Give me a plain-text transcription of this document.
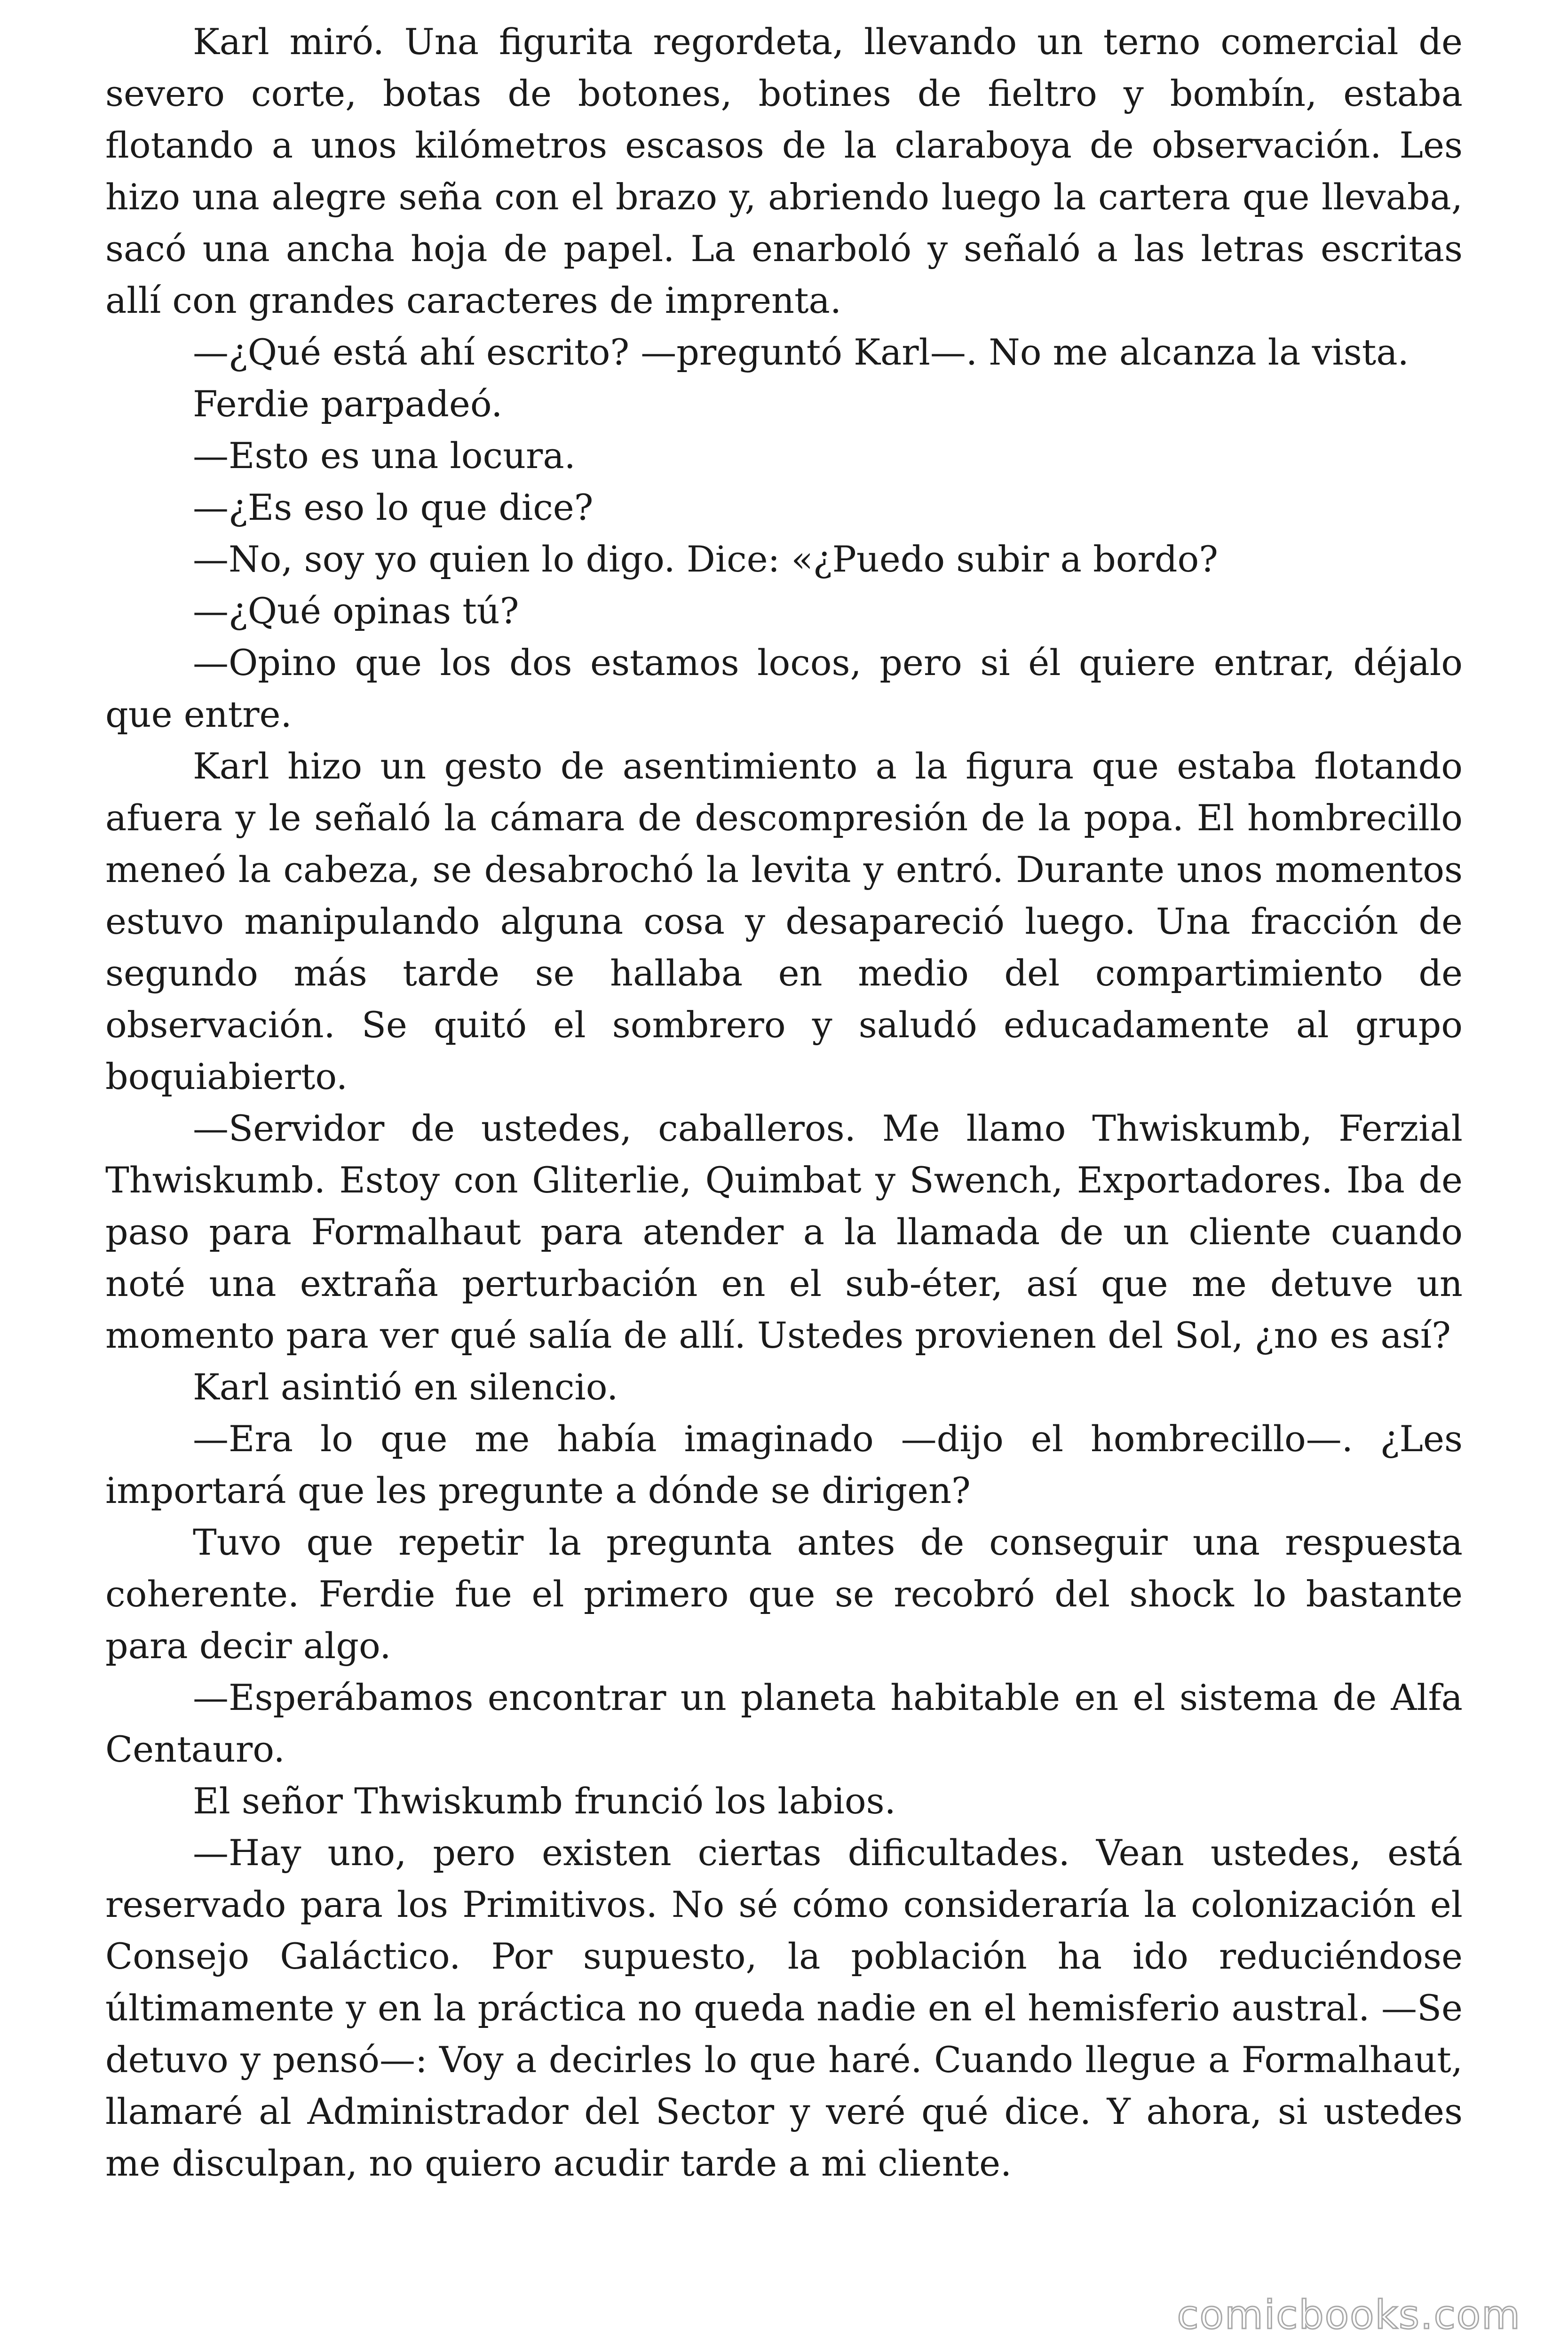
Karl miró. Una figurita regordeta, llevando un terno comercial de severo corte, botas de botones, botines de fieltro y bombín, estaba flotando a unos kilómetros escasos de la claraboya de observación. Les hizo una alegre seña con el brazo y, abriendo luego la cartera que llevaba, sacó una ancha hoja de papel. La enarboló y señaló a las letras escritas allí con grandes caracteres de imprenta.

—¿Qué está ahí escrito? —preguntó Karl—. No me alcanza la vista.

Ferdie parpadeó.

—Esto es una locura.

—¿Es eso lo que dice?

—No, soy yo quien lo digo. Dice: «¿Puedo subir a bordo?

—¿Qué opinas tú?

—Opino que los dos estamos locos, pero si él quiere entrar, déjalo que entre.

Karl hizo un gesto de asentimiento a la figura que estaba flotando afuera y le señaló la cámara de descompresión de la popa. El hombrecillo meneó la cabeza, se desabrochó la levita y entró. Durante unos momentos estuvo manipulando alguna cosa y desapareció luego. Una fracción de segundo más tarde se hallaba en medio del compartimiento de observación. Se quitó el sombrero y saludó educadamente al grupo boquiabierto.

—Servidor de ustedes, caballeros. Me llamo Thwiskumb, Ferzial Thwiskumb. Estoy con Gliterlie, Quimbat y Swench, Exportadores. Iba de paso para Formalhaut para atender a la llamada de un cliente cuando noté una extraña perturbación en el sub-éter, así que me detuve un momento para ver qué salía de allí. Ustedes provienen del Sol, ¿no es así?

Karl asintió en silencio.

—Era lo que me había imaginado —dijo el hombrecillo—. ¿Les importará que les pregunte a dónde se dirigen?

Tuvo que repetir la pregunta antes de conseguir una respuesta coherente. Ferdie fue el primero que se recobró del shock lo bastante para decir algo.

—Esperábamos encontrar un planeta habitable en el sistema de Alfa Centauro.

El señor Thwiskumb frunció los labios.

—Hay uno, pero existen ciertas dificultades. Vean ustedes, está reservado para los Primitivos. No sé cómo consideraría la colonización el Consejo Galáctico. Por supuesto, la población ha ido reduciéndose últimamente y en la práctica no queda nadie en el hemisferio austral. —Se detuvo y pensó—: Voy a decirles lo que haré. Cuando llegue a Formalhaut, llamaré al Administrador del Sector y veré qué dice. Y ahora, si ustedes me disculpan, no quiero acudir tarde a mi cliente.

comicbooks.com
